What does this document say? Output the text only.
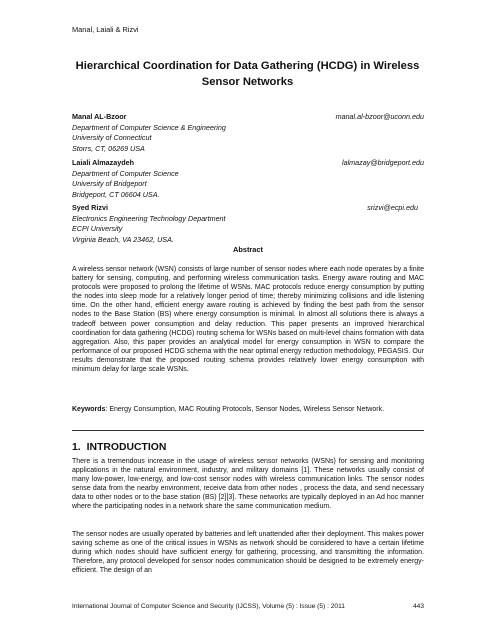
Manal, Laiali & Rizvi
Hierarchical Coordination for Data Gathering (HCDG) in Wireless
Sensor Networks
Manal AL-Bzoor	manal.al-bzoor@uconn.edu
Department of Computer Science & Engineering
University of Connecticut
Storrs, CT, 06269 USA
Laiali Almazaydeh	lalmazay@bridgeport.edu
Department of Computer Science
University of Bridgeport
Bridgeport, CT 06604 USA.
Syed Rizvi	srizvi@ecpi.edu
Electronics Engineering Technology Department
ECPI University
Virginia Beach, VA 23462, USA.
Abstract

A wireless sensor network (WSN) consists of large number of sensor nodes where each node operates by a finite battery for sensing, computing, and performing wireless communication tasks. Energy aware routing and MAC protocols were proposed to prolong the lifetime of WSNs. MAC protocols reduce energy consumption by putting the nodes into sleep mode for a relatively longer period of time; thereby minimizing collisions and idle listening time. On the other hand, efficient energy aware routing is achieved by finding the best path from the sensor nodes to the Base Station (BS) where energy consumption is minimal. In almost all solutions there is always a tradeoff between power consumption and delay reduction. This paper presents an improved hierarchical coordination for data gathering (HCDG) routing schema for WSNs based on multi-level chains formation with data aggregation. Also, this paper provides an analytical model for energy consumption in WSN to compare the performance of our proposed HCDG schema with the near optimal energy reduction methodology, PEGASIS. Our results demonstrate that the proposed routing schema provides relatively lower energy consumption with minimum delay for large scale WSNs.

Keywords: Energy Consumption, MAC Routing Protocols, Sensor Nodes, Wireless Sensor Network.

1. INTRODUCTION

There is a tremendous increase in the usage of wireless sensor networks (WSNs) for sensing and monitoring applications in the natural environment, industry, and military domains [1]. These networks usually consist of many low-power, low-energy, and low-cost sensor nodes with wireless communication links. The sensor nodes sense data from the nearby environment, receive data from other nodes , process the data, and send necessary data to other nodes or to the base station (BS) [2][3]. These networks are typically deployed in an Ad hoc manner where the participating nodes in a network share the same communication medium.

The sensor nodes are usually operated by batteries and left unattended after their deployment. This makes power saving scheme as one of the critical issues in WSNs as network should be considered to have a certain lifetime during which nodes should have sufficient energy for gathering, processing, and transmitting the information. Therefore, any protocol developed for sensor nodes communication should be designed to be extremely energy-efficient. The design of an

International Journal of Computer Science and Security (IJCSS), Volume (5) : Issue (5) : 2011	443
